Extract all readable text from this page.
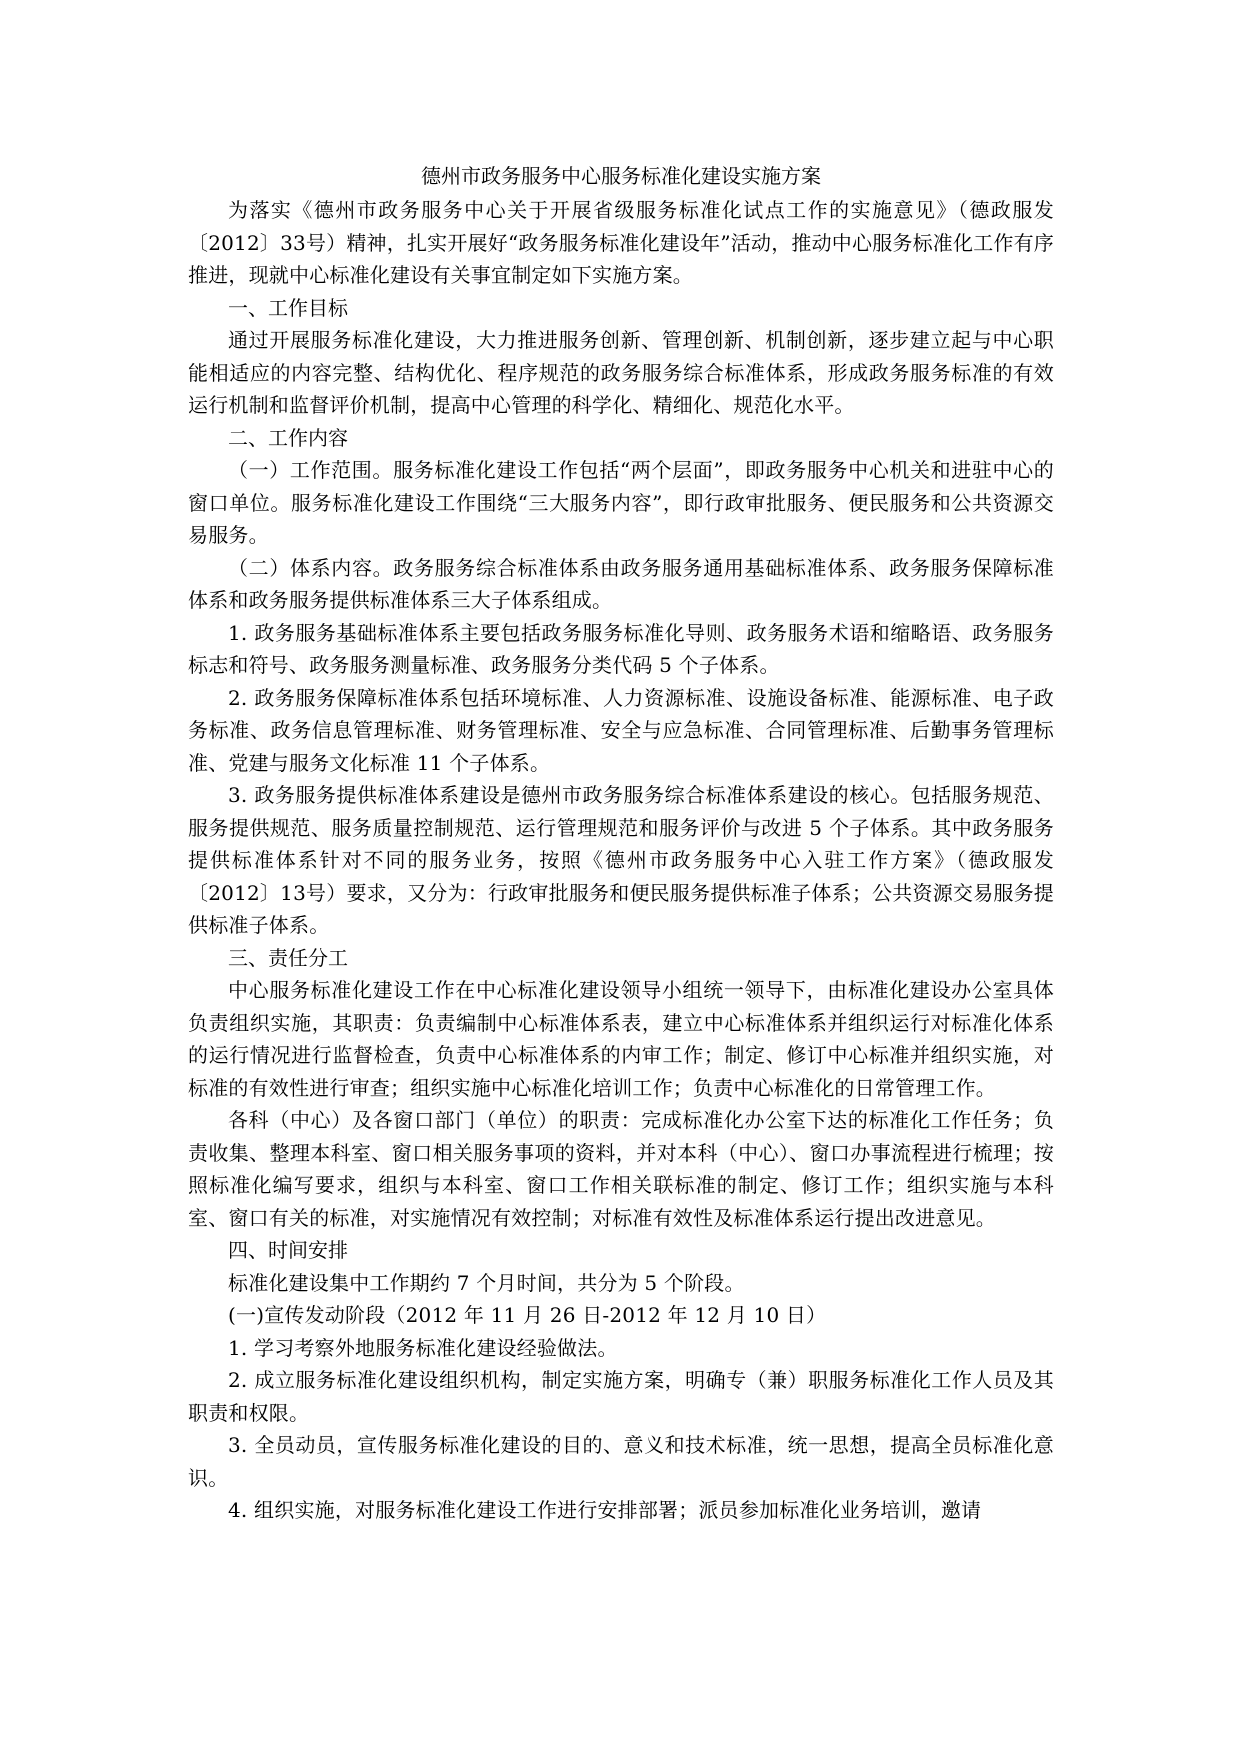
德州市政务服务中心服务标准化建设实施方案

为落实《德州市政务服务中心关于开展省级服务标准化试点工作的实施意见》（德政服发〔2012〕33号）精神，扎实开展好“政务服务标准化建设年”活动，推动中心服务标准化工作有序推进，现就中心标准化建设有关事宜制定如下实施方案。

一、工作目标

通过开展服务标准化建设，大力推进服务创新、管理创新、机制创新，逐步建立起与中心职能相适应的内容完整、结构优化、程序规范的政务服务综合标准体系，形成政务服务标准的有效运行机制和监督评价机制，提高中心管理的科学化、精细化、规范化水平。

二、工作内容

（一）工作范围。服务标准化建设工作包括“两个层面”，即政务服务中心机关和进驻中心的窗口单位。服务标准化建设工作围绕“三大服务内容”，即行政审批服务、便民服务和公共资源交易服务。

（二）体系内容。政务服务综合标准体系由政务服务通用基础标准体系、政务服务保障标准体系和政务服务提供标准体系三大子体系组成。

1. 政务服务基础标准体系主要包括政务服务标准化导则、政务服务术语和缩略语、政务服务标志和符号、政务服务测量标准、政务服务分类代码 5 个子体系。

2. 政务服务保障标准体系包括环境标准、人力资源标准、设施设备标准、能源标准、电子政务标准、政务信息管理标准、财务管理标准、安全与应急标准、合同管理标准、后勤事务管理标准、党建与服务文化标准 11 个子体系。

3. 政务服务提供标准体系建设是德州市政务服务综合标准体系建设的核心。包括服务规范、服务提供规范、服务质量控制规范、运行管理规范和服务评价与改进 5 个子体系。其中政务服务提供标准体系针对不同的服务业务，按照《德州市政务服务中心入驻工作方案》（德政服发〔2012〕13号）要求，又分为：行政审批服务和便民服务提供标准子体系；公共资源交易服务提供标准子体系。

三、责任分工

中心服务标准化建设工作在中心标准化建设领导小组统一领导下，由标准化建设办公室具体负责组织实施，其职责：负责编制中心标准体系表，建立中心标准体系并组织运行对标准化体系的运行情况进行监督检查，负责中心标准体系的内审工作；制定、修订中心标准并组织实施，对标准的有效性进行审查；组织实施中心标准化培训工作；负责中心标准化的日常管理工作。

各科（中心）及各窗口部门（单位）的职责：完成标准化办公室下达的标准化工作任务；负责收集、整理本科室、窗口相关服务事项的资料，并对本科（中心）、窗口办事流程进行梳理；按照标准化编写要求，组织与本科室、窗口工作相关联标准的制定、修订工作；组织实施与本科室、窗口有关的标准，对实施情况有效控制；对标准有效性及标准体系运行提出改进意见。

四、时间安排

标准化建设集中工作期约 7 个月时间，共分为 5 个阶段。

(一)宣传发动阶段（2012 年 11 月 26 日-2012 年 12 月 10 日）

1. 学习考察外地服务标准化建设经验做法。

2. 成立服务标准化建设组织机构，制定实施方案，明确专（兼）职服务标准化工作人员及其职责和权限。

3. 全员动员，宣传服务标准化建设的目的、意义和技术标准，统一思想，提高全员标准化意识。

4. 组织实施，对服务标准化建设工作进行安排部署；派员参加标准化业务培训，邀请
